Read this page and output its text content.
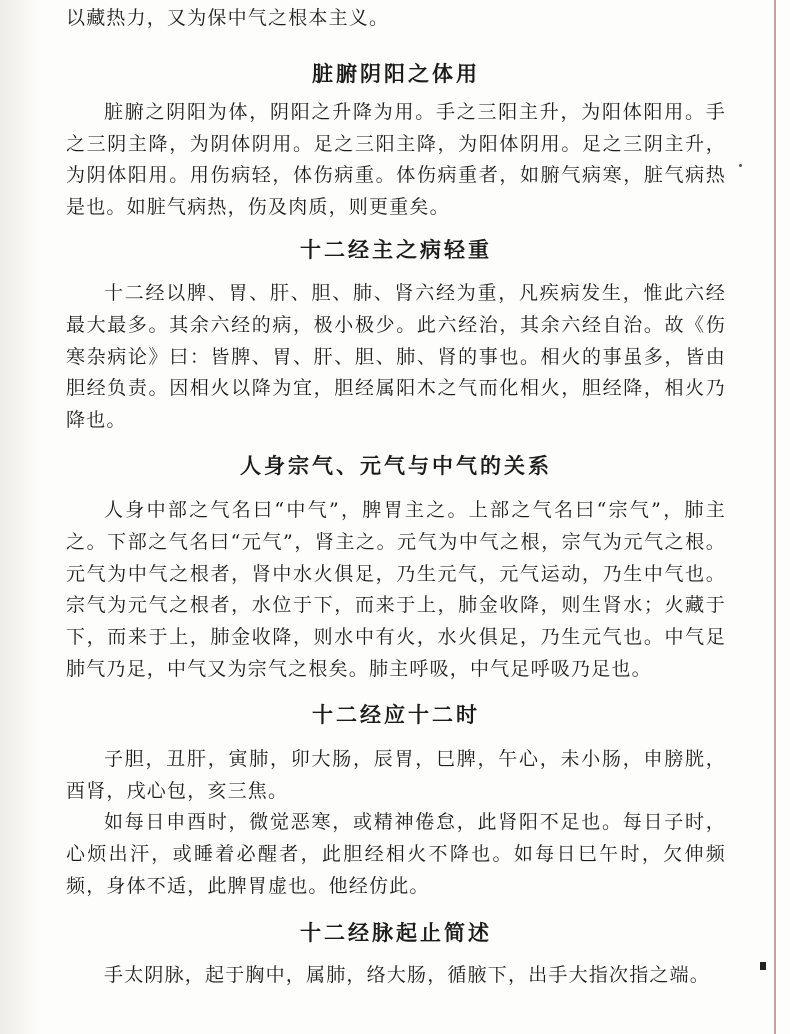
以藏热力，又为保中气之根本主义。

脏腑阴阳之体用

脏腑之阴阳为体，阴阳之升降为用。手之三阳主升，为阳体阳用。手之三阴主降，为阴体阴用。足之三阳主降，为阳体阴用。足之三阴主升，为阴体阳用。用伤病轻，体伤病重。体伤病重者，如腑气病寒，脏气病热是也。如脏气病热，伤及肉质，则更重矣。

十二经主之病轻重

十二经以脾、胃、肝、胆、肺、肾六经为重，凡疾病发生，惟此六经最大最多。其余六经的病，极小极少。此六经治，其余六经自治。故《伤寒杂病论》曰：皆脾、胃、肝、胆、肺、肾的事也。相火的事虽多，皆由胆经负责。因相火以降为宜，胆经属阳木之气而化相火，胆经降，相火乃降也。

人身宗气、元气与中气的关系

人身中部之气名曰“中气”，脾胃主之。上部之气名曰“宗气”，肺主之。下部之气名曰“元气”，肾主之。元气为中气之根，宗气为元气之根。元气为中气之根者，肾中水火俱足，乃生元气，元气运动，乃生中气也。宗气为元气之根者，水位于下，而来于上，肺金收降，则生肾水；火藏于下，而来于上，肺金收降，则水中有火，水火俱足，乃生元气也。中气足肺气乃足，中气又为宗气之根矣。肺主呼吸，中气足呼吸乃足也。

十二经应十二时

子胆，丑肝，寅肺，卯大肠，辰胃，巳脾，午心，未小肠，申膀胱，酉肾，戌心包，亥三焦。

如每日申酉时，微觉恶寒，或精神倦怠，此肾阳不足也。每日子时，心烦出汗，或睡着必醒者，此胆经相火不降也。如每日巳午时，欠伸频频，身体不适，此脾胃虚也。他经仿此。

十二经脉起止简述

手太阴脉，起于胸中，属肺，络大肠，循腋下，出手大指次指之端。
